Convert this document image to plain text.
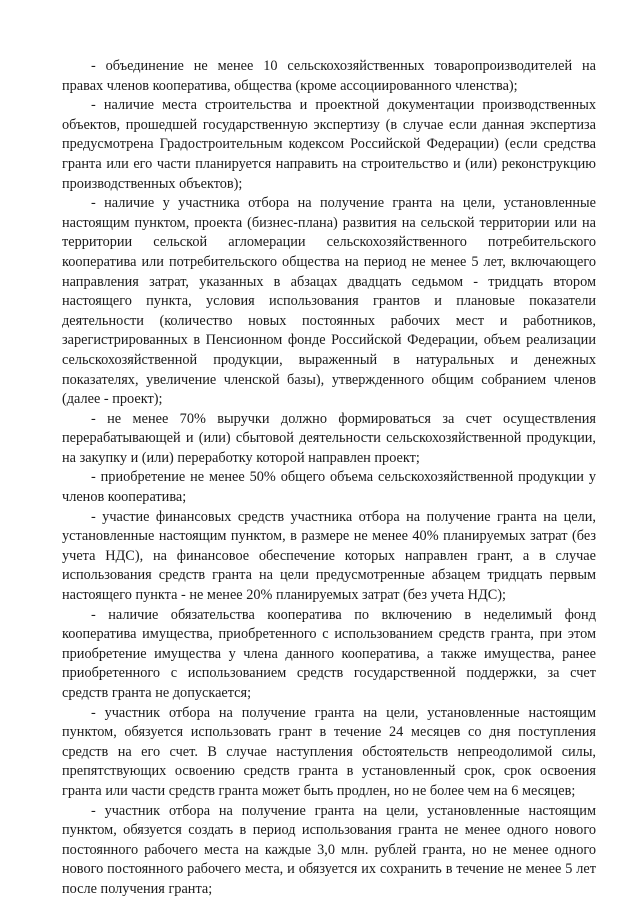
- объединение не менее 10 сельскохозяйственных товаропроизводителей на правах членов кооператива, общества (кроме ассоциированного членства);

- наличие места строительства и проектной документации производственных объектов, прошедшей государственную экспертизу (в случае если данная экспертиза предусмотрена Градостроительным кодексом Российской Федерации) (если средства гранта или его части планируется направить на строительство и (или) реконструкцию производственных объектов);

- наличие у участника отбора на получение гранта на цели, установленные настоящим пунктом, проекта (бизнес-плана) развития на сельской территории или на территории сельской агломерации сельскохозяйственного потребительского кооператива или потребительского общества на период не менее 5 лет, включающего направления затрат, указанных в абзацах двадцать седьмом - тридцать втором настоящего пункта, условия использования грантов и плановые показатели деятельности (количество новых постоянных рабочих мест и работников, зарегистрированных в Пенсионном фонде Российской Федерации, объем реализации сельскохозяйственной продукции, выраженный в натуральных и денежных показателях, увеличение членской базы), утвержденного общим собранием членов (далее - проект);

- не менее 70% выручки должно формироваться за счет осуществления перерабатывающей и (или) сбытовой деятельности сельскохозяйственной продукции, на закупку и (или) переработку которой направлен проект;

- приобретение не менее 50% общего объема сельскохозяйственной продукции у членов кооператива;

- участие финансовых средств участника отбора на получение гранта на цели, установленные настоящим пунктом, в размере не менее 40% планируемых затрат (без учета НДС), на финансовое обеспечение которых направлен грант, а в случае использования средств гранта на цели предусмотренные абзацем тридцать первым настоящего пункта - не менее 20% планируемых затрат (без учета НДС);

- наличие обязательства кооператива по включению в неделимый фонд кооператива имущества, приобретенного с использованием средств гранта, при этом приобретение имущества у члена данного кооператива, а также имущества, ранее приобретенного с использованием средств государственной поддержки, за счет средств гранта не допускается;

- участник отбора на получение гранта на цели, установленные настоящим пунктом, обязуется использовать грант в течение 24 месяцев со дня поступления средств на его счет. В случае наступления обстоятельств непреодолимой силы, препятствующих освоению средств гранта в установленный срок, срок освоения гранта или части средств гранта может быть продлен, но не более чем на 6 месяцев;

- участник отбора на получение гранта на цели, установленные настоящим пунктом, обязуется создать в период использования гранта не менее одного нового постоянного рабочего места на каждые 3,0 млн. рублей гранта, но не менее одного нового постоянного рабочего места, и обязуется их сохранить в течение не менее 5 лет после получения гранта;
